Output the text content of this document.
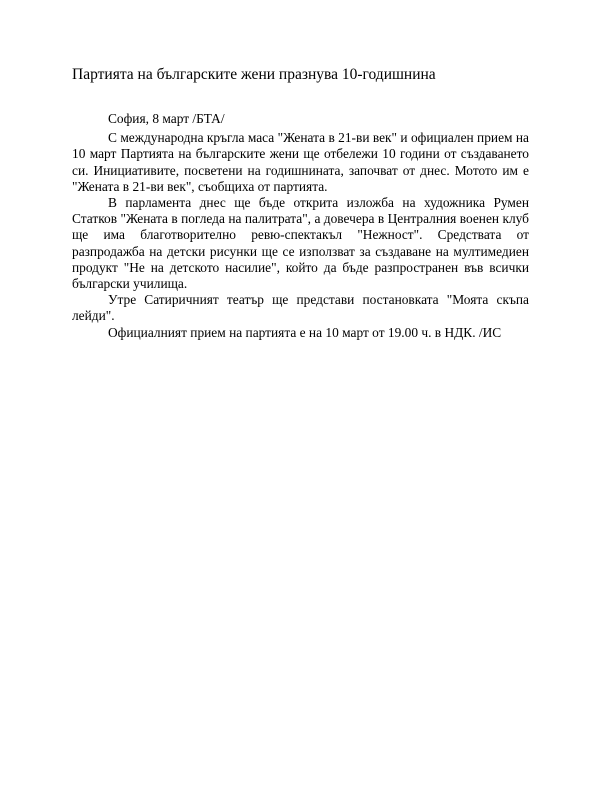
Партията на българските жени празнува 10-годишнина

София, 8 март /БТА/

С международна кръгла маса "Жената в 21-ви век" и официален прием на 10 март Партията на българските жени ще отбележи 10 години от създаването си. Инициативите, посветени на годишнината, започват от днес. Мотото им е "Жената в 21-ви век", съобщиха от партията.

В парламента днес ще бъде открита изложба на художника Румен Статков "Жената в погледа на палитрата", а довечера в Централния военен клуб ще има благотворително ревю-спектакъл "Нежност". Средствата от разпродажба на детски рисунки ще се използват за създаване на мултимедиен продукт "Не на детското насилие", който да бъде разпространен във всички български училища.

Утре Сатиричният театър ще представи постановката "Моята скъпа лейди".

Официалният прием на партията е на 10 март от 19.00 ч. в НДК. /ИС
